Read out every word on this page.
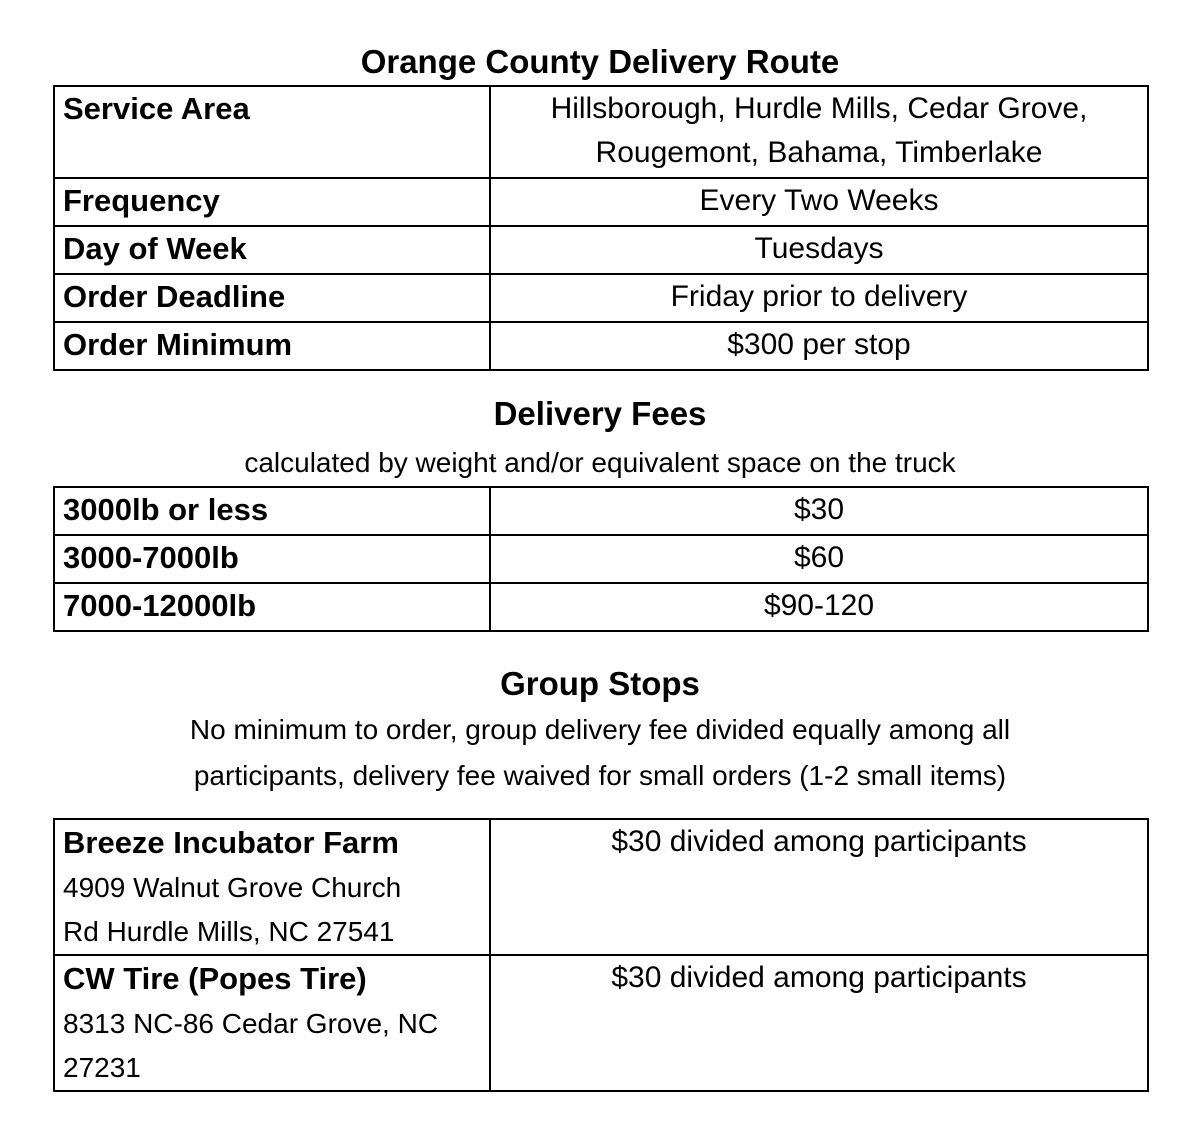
Orange County Delivery Route
Service Area	Hillsborough, Hurdle Mills, Cedar Grove,
Rougemont, Bahama, Timberlake

Frequency	Every Two Weeks
Day of Week	Tuesdays
Order Deadline	Friday prior to delivery
Order Minimum	$300 per stop
Delivery Fees
calculated by weight and/or equivalent space on the truck
3000lb or less	$30
3000-7000lb	$60
7000-12000lb	$90-120
Group Stops
No minimum to order, group delivery fee divided equally among all
participants, delivery fee waived for small orders (1-2 small items)
Breeze Incubator Farm
4909 Walnut Grove Church
Rd Hurdle Mills, NC 27541	$30 divided among participants

CW Tire (Popes Tire)
8313 NC-86 Cedar Grove, NC
27231	$30 divided among participants
